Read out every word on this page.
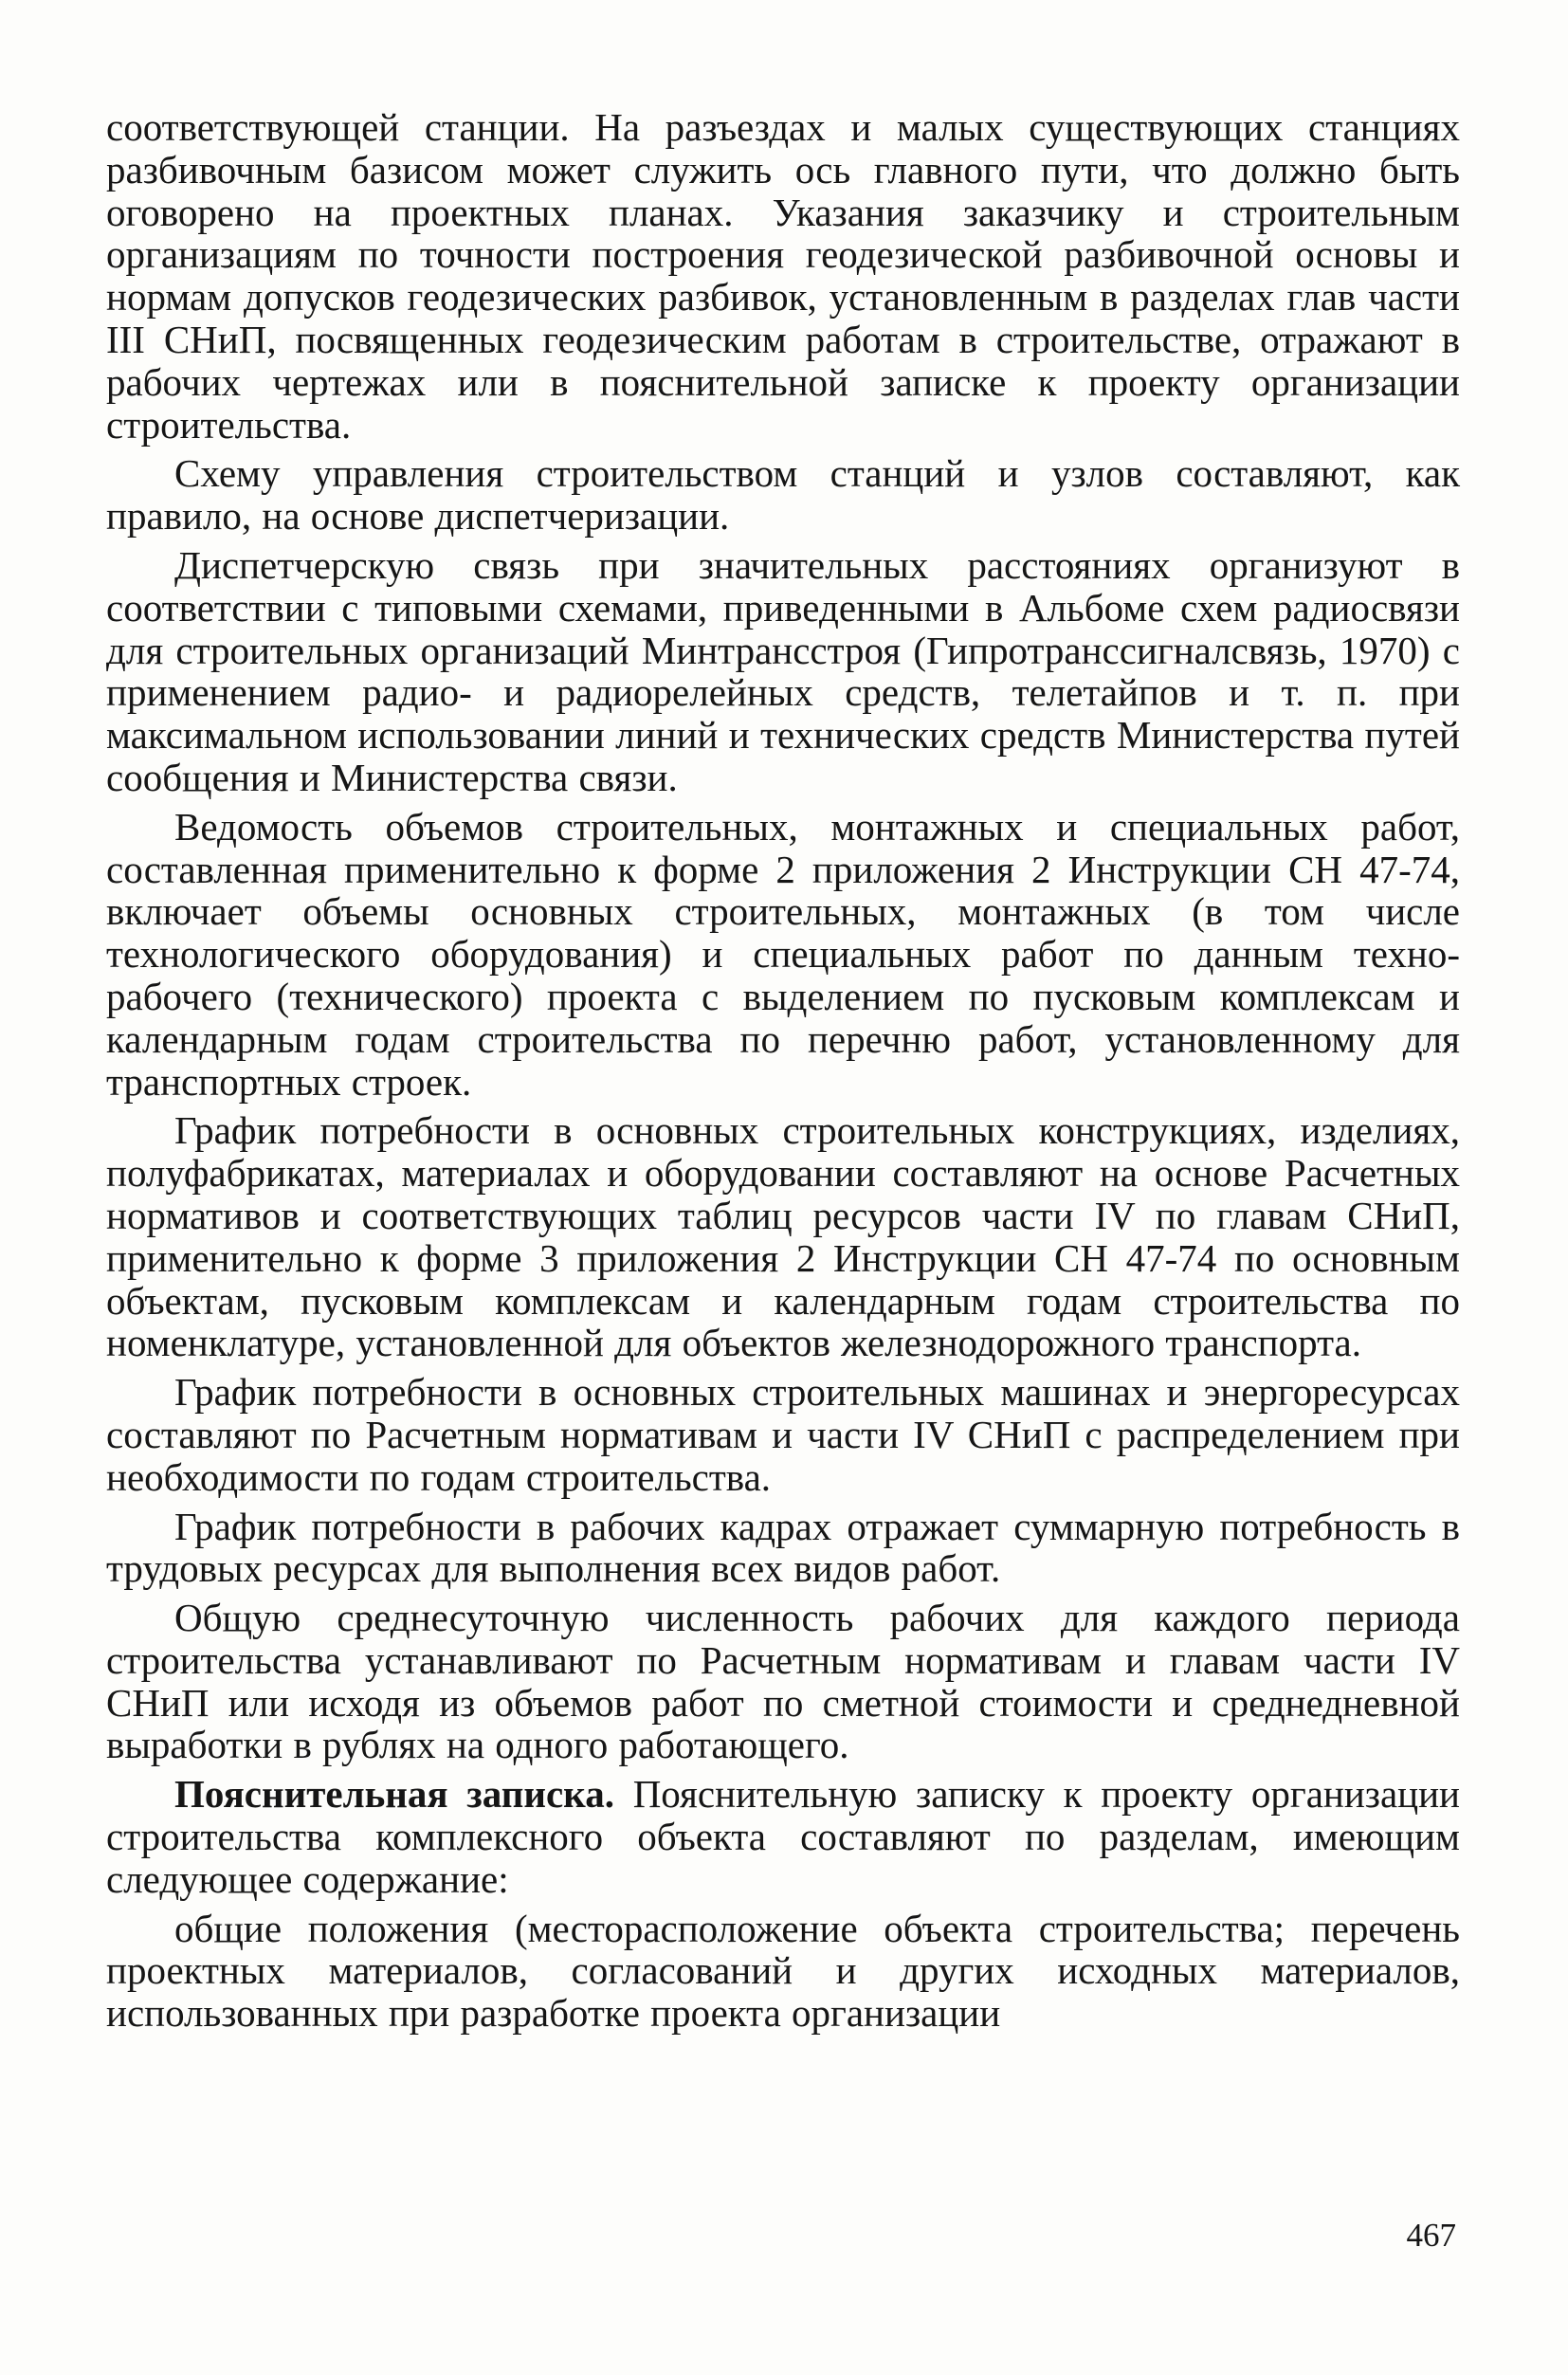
соответствующей станции. На разъездах и малых существующих станциях разбивочным базисом может служить ось главного пути, что должно быть оговорено на проектных планах. Указания заказчику и строительным организациям по точности построения геодезической разбивочной основы и нормам допусков геодезических разбивок, установленным в разделах глав части III СНиП, посвященных геодезическим работам в строительстве, отражают в рабочих чертежах или в пояснительной записке к проекту организации строительства.

Схему управления строительством станций и узлов составляют, как правило, на основе диспетчеризации.

Диспетчерскую связь при значительных расстояниях организуют в соответствии с типовыми схемами, приведенными в Альбоме схем радиосвязи для строительных организаций Минтрансстроя (Гипротранссигналсвязь, 1970) с применением радио- и радиорелейных средств, телетайпов и т. п. при максимальном использовании линий и технических средств Министерства путей сообщения и Министерства связи.

Ведомость объемов строительных, монтажных и специальных работ, составленная применительно к форме 2 приложения 2 Инструкции СН 47-74, включает объемы основных строительных, монтажных (в том числе технологического оборудования) и специальных работ по данным техно-рабочего (технического) проекта с выделением по пусковым комплексам и календарным годам строительства по перечню работ, установленному для транспортных строек.

График потребности в основных строительных конструкциях, изделиях, полуфабрикатах, материалах и оборудовании составляют на основе Расчетных нормативов и соответствующих таблиц ресурсов части IV по главам СНиП, применительно к форме 3 приложения 2 Инструкции СН 47-74 по основным объектам, пусковым комплексам и календарным годам строительства по номенклатуре, установленной для объектов железнодорожного транспорта.

График потребности в основных строительных машинах и энергоресурсах составляют по Расчетным нормативам и части IV СНиП с распределением при необходимости по годам строительства.

График потребности в рабочих кадрах отражает суммарную потребность в трудовых ресурсах для выполнения всех видов работ.

Общую среднесуточную численность рабочих для каждого периода строительства устанавливают по Расчетным нормативам и главам части IV СНиП или исходя из объемов работ по сметной стоимости и среднедневной выработки в рублях на одного работающего.

Пояснительная записка. Пояснительную записку к проекту организации строительства комплексного объекта составляют по разделам, имеющим следующее содержание:

общие положения (месторасположение объекта строительства; перечень проектных материалов, согласований и других исходных материалов, использованных при разработке проекта организации

467
